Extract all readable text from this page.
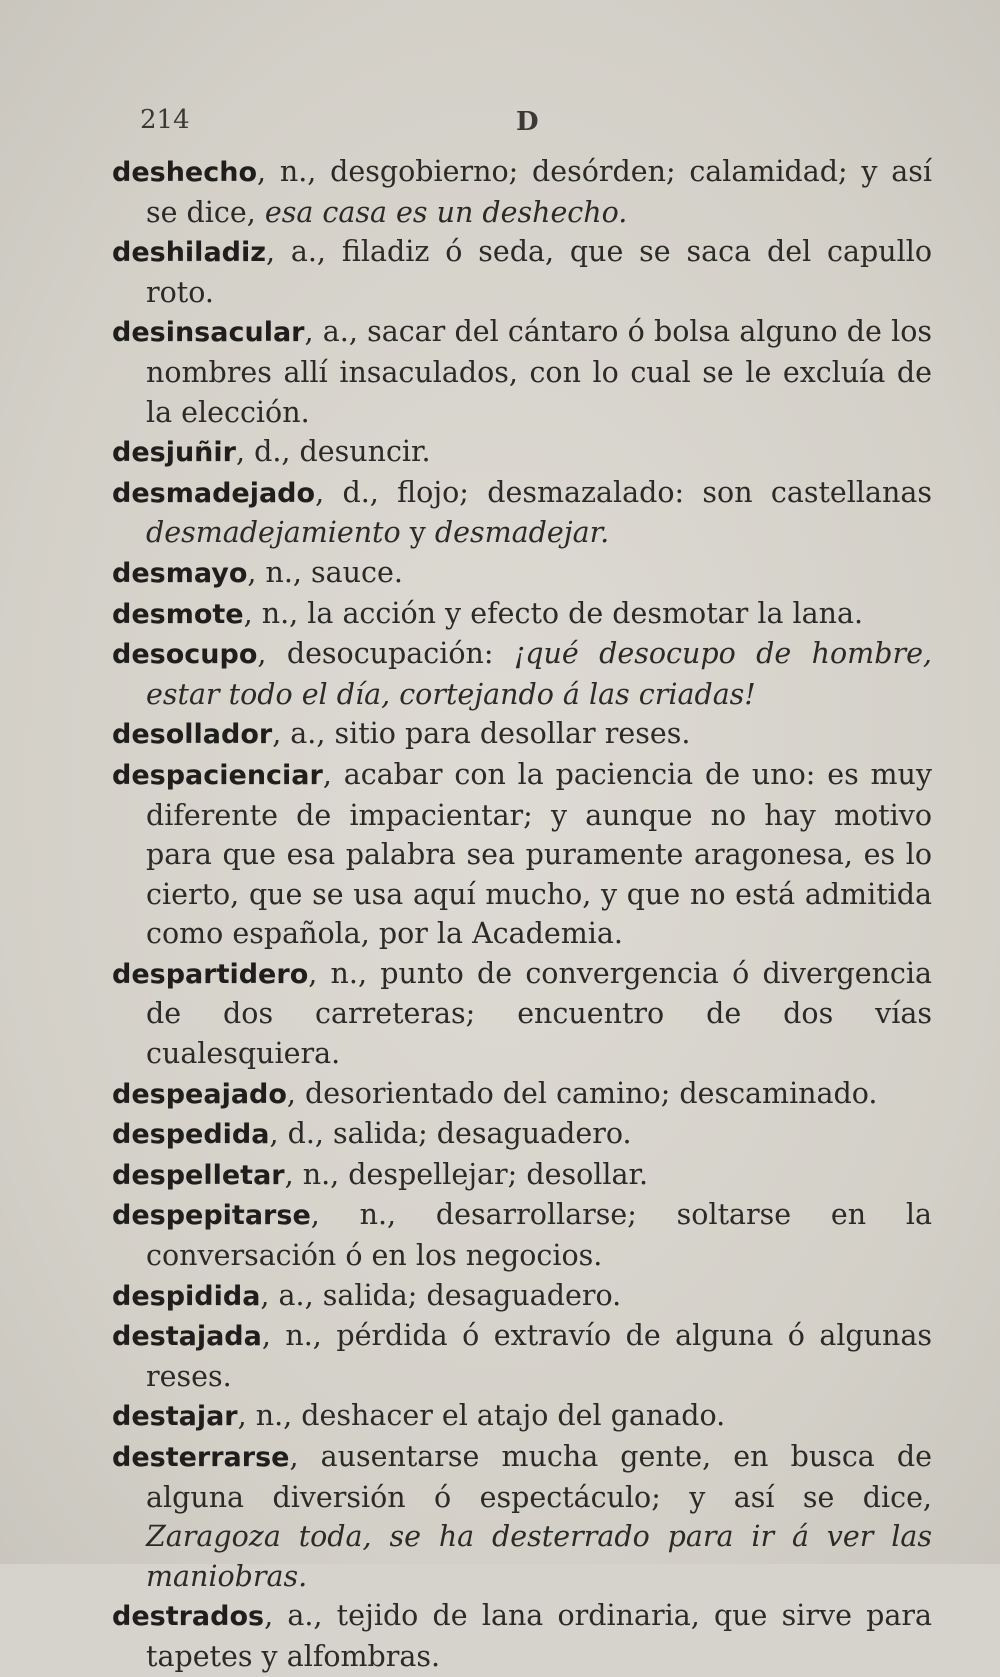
214	D

deshecho, n., desgobierno; desórden; calamidad; y así se dice, esa casa es un deshecho.

deshiladiz, a., filadiz ó seda, que se saca del capullo roto.

desinsacular, a., sacar del cántaro ó bolsa alguno de los nombres allí insaculados, con lo cual se le excluía de la elección.

desjuñir, d., desuncir.

desmadejado, d., flojo; desmazalado: son castellanas desmadejamiento y desmadejar.

desmayo, n., sauce.

desmote, n., la acción y efecto de desmotar la lana.

desocupo, desocupación: ¡qué desocupo de hombre, estar todo el día, cortejando á las criadas!

desollador, a., sitio para desollar reses.

despacienciar, acabar con la paciencia de uno: es muy diferente de impacientar; y aunque no hay motivo para que esa palabra sea puramente aragonesa, es lo cierto, que se usa aquí mucho, y que no está admitida como española, por la Academia.

despartidero, n., punto de convergencia ó divergencia de dos carreteras; encuentro de dos vías cualesquiera.

despeajado, desorientado del camino; descaminado.

despedida, d., salida; desaguadero.

despelletar, n., despellejar; desollar.

despepitarse, n., desarrollarse; soltarse en la conversación ó en los negocios.

despidida, a., salida; desaguadero.

destajada, n., pérdida ó extravío de alguna ó algunas reses.

destajar, n., deshacer el atajo del ganado.

desterrarse, ausentarse mucha gente, en busca de alguna diversión ó espectáculo; y así se dice, Zaragoza toda, se ha desterrado para ir á ver las maniobras.

destrados, a., tejido de lana ordinaria, que sirve para tapetes y alfombras.
